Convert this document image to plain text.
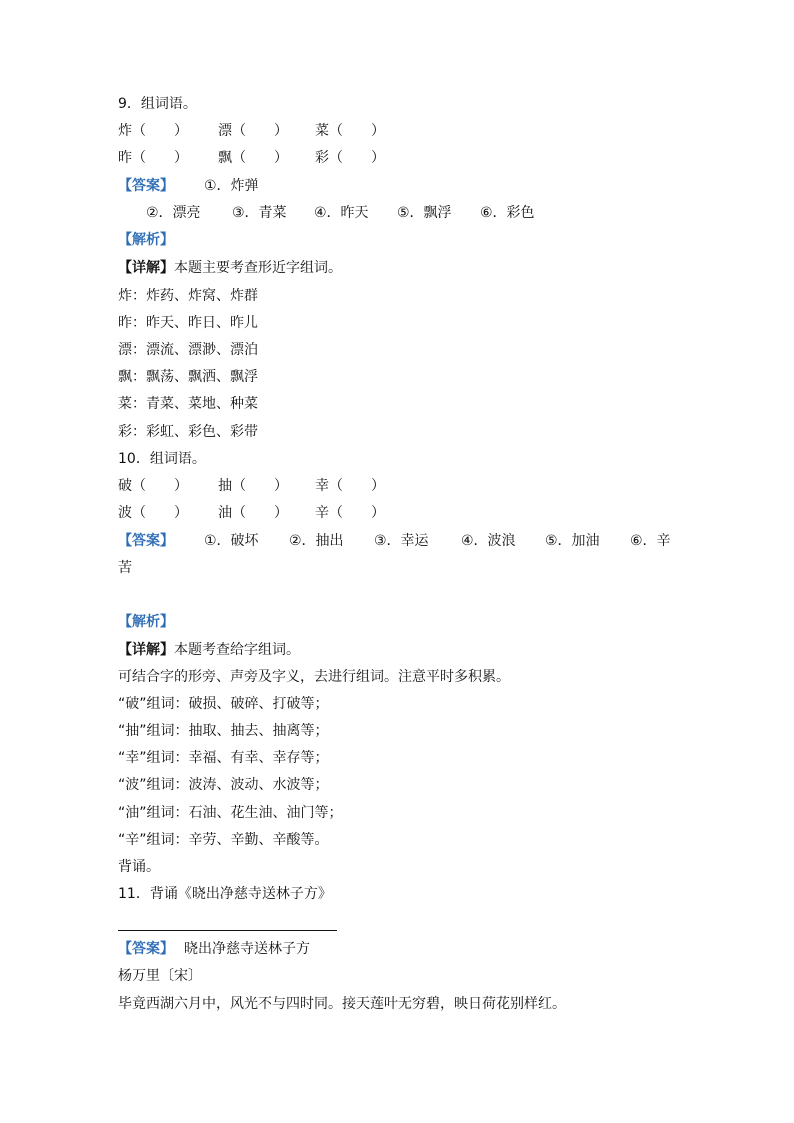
9．组词语。
炸（　　） 漂（　　） 菜（　　）
昨（　　） 飘（　　） 彩（　　）
【答案】 ①．炸弹
②．漂亮 ③．青菜 ④．昨天 ⑤．飘浮 ⑥．彩色
【解析】
【详解】本题主要考查形近字组词。
炸：炸药、炸窝、炸群
昨：昨天、昨日、昨儿
漂：漂流、漂渺、漂泊
飘：飘荡、飘洒、飘浮
菜：青菜、菜地、种菜
彩：彩虹、彩色、彩带
10．组词语。
破（　　） 抽（　　） 幸（　　）
波（　　） 油（　　） 辛（　　）
【答案】 ①．破坏 ②．抽出 ③．幸运 ④．波浪 ⑤．加油 ⑥．辛
苦
【解析】
【详解】本题考查给字组词。
可结合字的形旁、声旁及字义，去进行组词。注意平时多积累。
“破”组词：破损、破碎、打破等；
“抽”组词：抽取、抽去、抽离等；
“幸”组词：幸福、有幸、幸存等；
“波”组词：波涛、波动、水波等；
“油”组词：石油、花生油、油门等；
“辛”组词：辛劳、辛勤、辛酸等。
背诵。
11．背诵《晓出净慈寺送林子方》
【答案】 晓出净慈寺送林子方
杨万里〔宋〕
毕竟西湖六月中，风光不与四时同。接天莲叶无穷碧，映日荷花别样红。
